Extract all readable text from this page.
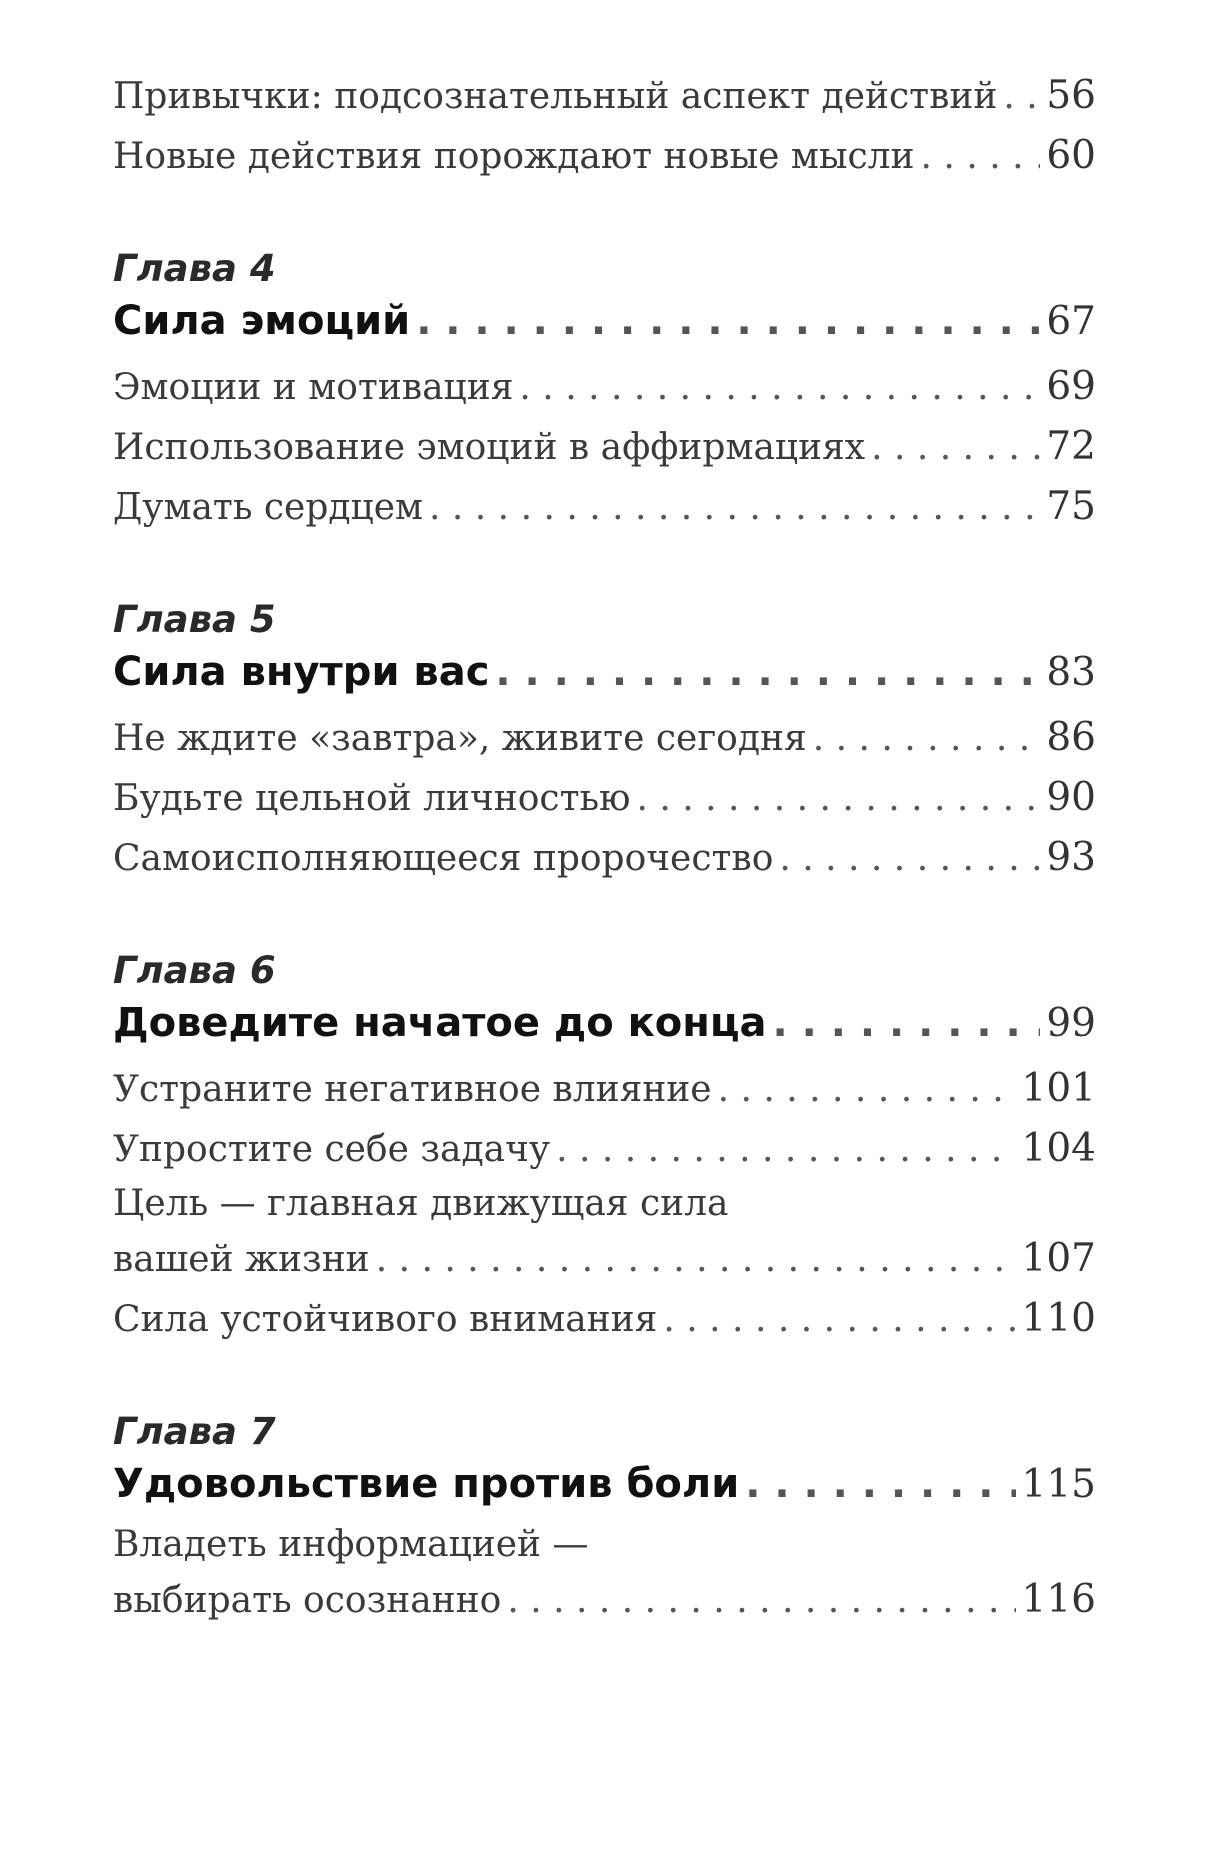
Привычки: подсознательный аспект действий . . . 56
Новые действия порождают новые мысли . . .	60
Глава 4
Сила эмоций . . .	67
Эмоции и мотивация . . .	69
Использование эмоций в аффирмациях . . .	72
Думать сердцем . . .	75
Глава 5
Сила внутри вас . . .	83
Не ждите «завтра», живите сегодня . . .	86
Будьте цельной личностью . . .	90
Самоисполняющееся пророчество . . .	93
Глава 6
Доведите начатое до конца . . .	99
Устраните негативное влияние . . .	101
Упростите себе задачу . . .	104
Цель — главная движущая сила
вашей жизни . . .	107
Сила устойчивого внимания . . .	110
Глава 7
Удовольствие против боли . . .	115
Владеть информацией —
выбирать осознанно . . .	116
